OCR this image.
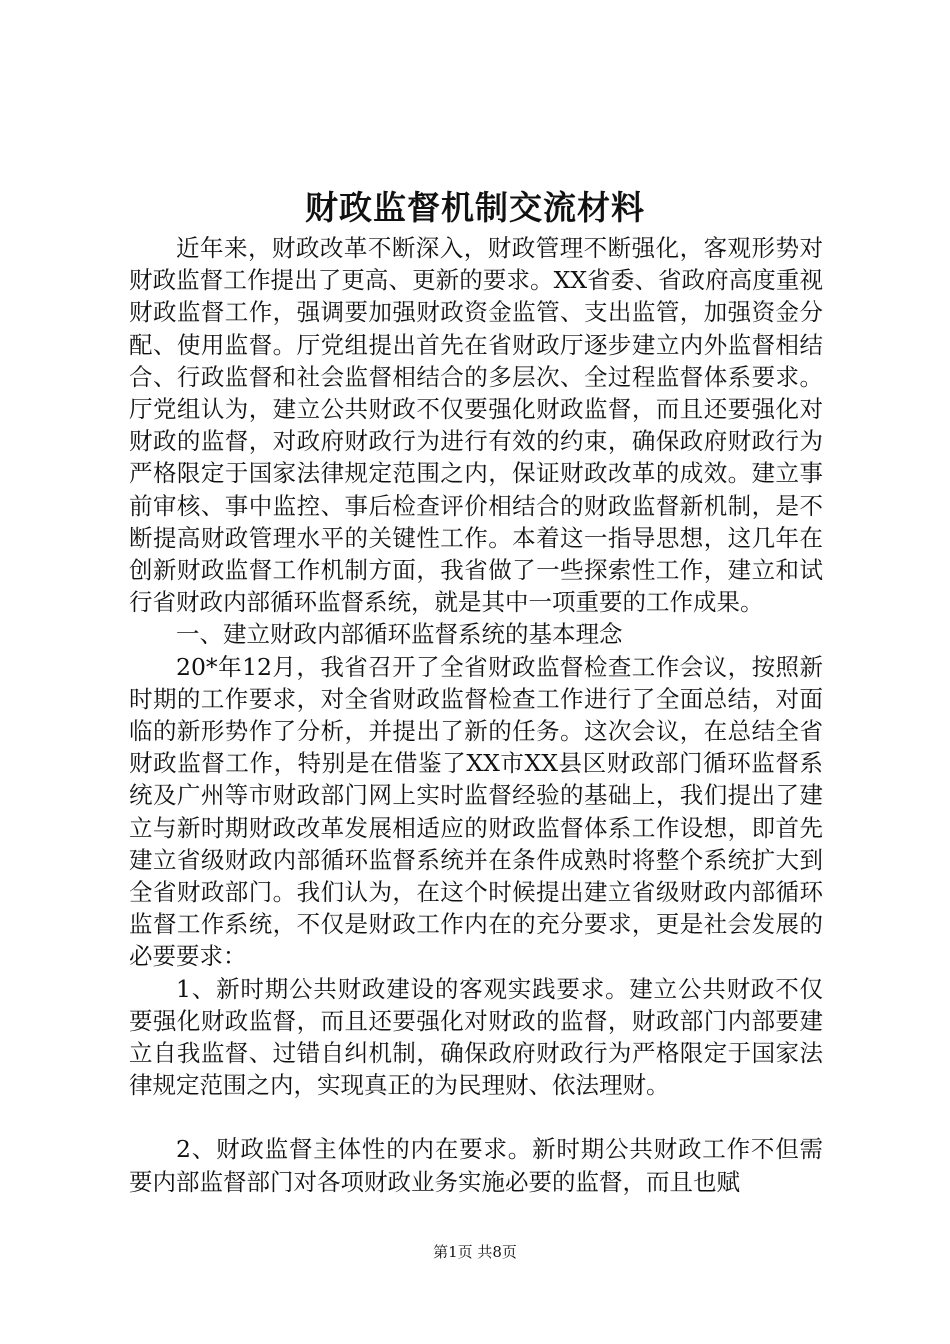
财政监督机制交流材料

近年来，财政改革不断深入，财政管理不断强化，客观形势对财政监督工作提出了更高、更新的要求。XX省委、省政府高度重视财政监督工作，强调要加强财政资金监管、支出监管，加强资金分配、使用监督。厅党组提出首先在省财政厅逐步建立内外监督相结合、行政监督和社会监督相结合的多层次、全过程监督体系要求。厅党组认为，建立公共财政不仅要强化财政监督，而且还要强化对财政的监督，对政府财政行为进行有效的约束，确保政府财政行为严格限定于国家法律规定范围之内，保证财政改革的成效。建立事前审核、事中监控、事后检查评价相结合的财政监督新机制，是不断提高财政管理水平的关键性工作。本着这一指导思想，这几年在创新财政监督工作机制方面，我省做了一些探索性工作，建立和试行省财政内部循环监督系统，就是其中一项重要的工作成果。

一、建立财政内部循环监督系统的基本理念

20*年12月，我省召开了全省财政监督检查工作会议，按照新时期的工作要求，对全省财政监督检查工作进行了全面总结，对面临的新形势作了分析，并提出了新的任务。这次会议，在总结全省财政监督工作，特别是在借鉴了XX市XX县区财政部门循环监督系统及广州等市财政部门网上实时监督经验的基础上，我们提出了建立与新时期财政改革发展相适应的财政监督体系工作设想，即首先建立省级财政内部循环监督系统并在条件成熟时将整个系统扩大到全省财政部门。我们认为，在这个时候提出建立省级财政内部循环监督工作系统，不仅是财政工作内在的充分要求，更是社会发展的必要要求：

1、新时期公共财政建设的客观实践要求。建立公共财政不仅要强化财政监督，而且还要强化对财政的监督，财政部门内部要建立自我监督、过错自纠机制，确保政府财政行为严格限定于国家法律规定范围之内，实现真正的为民理财、依法理财。

2、财政监督主体性的内在要求。新时期公共财政工作不但需要内部监督部门对各项财政业务实施必要的监督，而且也赋

第1页 共8页
